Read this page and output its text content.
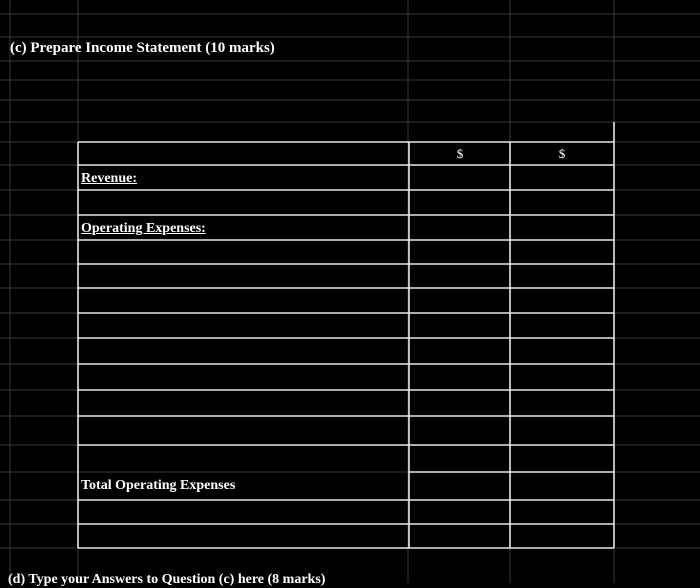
(c) Prepare Income Statement (10 marks)
$	$
Revenue:
Operating Expenses:
Total Operating Expenses
(d) Type your Answers to Question (c) here (8 marks)
